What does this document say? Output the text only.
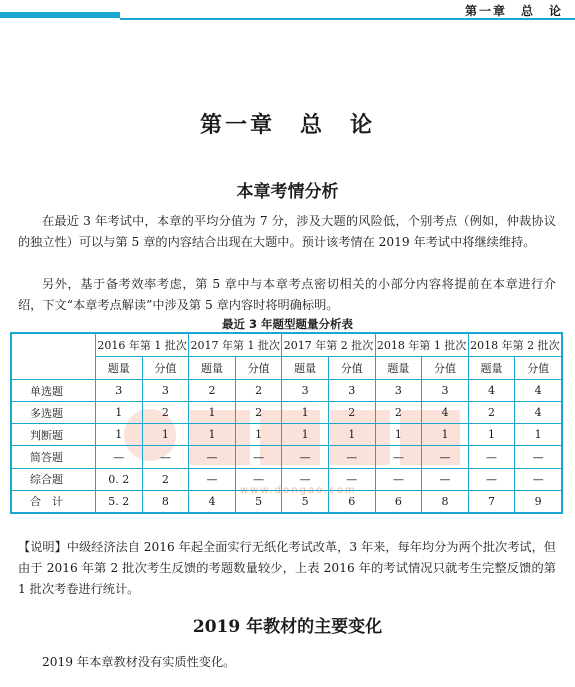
第一章　总　论
第一章　总　论
本章考情分析

在最近 3 年考试中，本章的平均分值为 7 分，涉及大题的风险低，个别考点（例如，仲裁协议的独立性）可以与第 5 章的内容结合出现在大题中。预计该考情在 2019 年考试中将继续维持。

另外，基于备考效率考虑，第 5 章中与本章考点密切相关的小部分内容将提前在本章进行介绍，下文“本章考点解读”中涉及第 5 章内容时将明确标明。

最近 3 年题型题量分析表
www.dongao.com
	2016 年第 1 批次		2017 年第 1 批次		2017 年第 2 批次		2018 年第 1 批次		2018 年第 2 批次	
	题量	分值	题量	分值	题量	分值	题量	分值	题量	分值
单选题	3	3	2	2	3	3	3	3	4	4
多选题	1	2	1	2	1	2	2	4	2	4
判断题	1	1	1	1	1	1	1	1	1	1
简答题	—	—	—	—	—	—	—	—	—	—
综合题	0. 2	2	—	—	—	—	—	—	—	—
合　计	5. 2	8	4	5	5	6	6	8	7	9

【说明】中级经济法自 2016 年起全面实行无纸化考试改革，3 年来，每年均分为两个批次考试，但由于 2016 年第 2 批次考生反馈的考题数量较少，上表 2016 年的考试情况只就考生完整反馈的第 1 批次考卷进行统计。

2019 年教材的主要变化

2019 年本章教材没有实质性变化。
